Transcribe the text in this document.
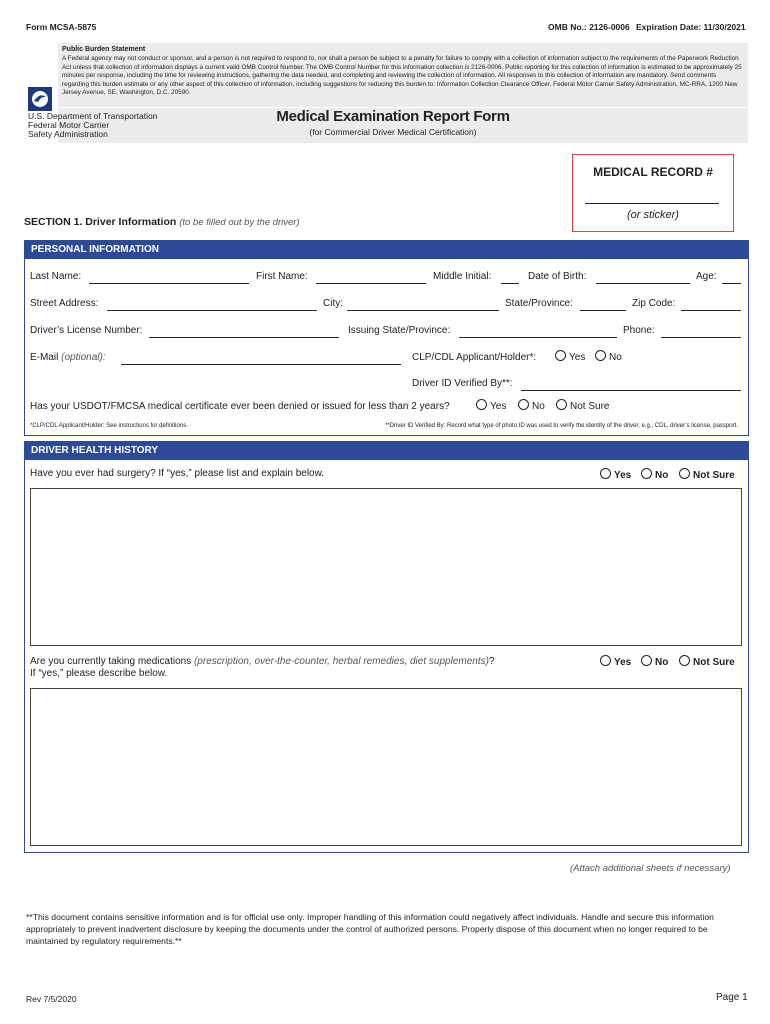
Form MCSA-5875	OMB No.: 2126-0006 Expiration Date: 11/30/2021
Public Burden Statement
A Federal agency may not conduct or sponsor, and a person is not required to respond to, nor shall a person be subject to a penalty for failure to comply with a collection of information subject to the requirements of the Paperwork Reduction Act unless that collection of information displays a current valid OMB Control Number. The OMB Control Number for this information collection is 2126-0006. Public reporting for this collection of information is estimated to be approximately 25 minutes per response, including the time for reviewing instructions, gathering the data needed, and completing and reviewing the collection of information. All responses to this collection of information are mandatory. Send comments regarding this burden estimate or any other aspect of this collection of information, including suggestions for reducing this burden to: Information Collection Clearance Officer, Federal Motor Carrier Safety Administration, MC-RRA, 1200 New Jersey Avenue, SE, Washington, D.C. 20590.
U.S. Department of Transportation
Federal Motor Carrier
Safety Administration
Medical Examination Report Form
(for Commercial Driver Medical Certification)
MEDICAL RECORD #
(or sticker)
SECTION 1. Driver Information (to be filled out by the driver)
PERSONAL INFORMATION
Last Name:	First Name:	Middle Initial:	Date of Birth:	Age:
Street Address:	City:	State/Province:	Zip Code:
Driver’s License Number:	Issuing State/Province:	Phone:
E-Mail (optional):	CLP/CDL Applicant/Holder*:	Yes	No
Driver ID Verified By**:
Has your USDOT/FMCSA medical certificate ever been denied or issued for less than 2 years?	Yes	No	Not Sure
*CLP/CDL Applicant/Holder: See instructions for definitions.	**Driver ID Verified By: Record what type of photo ID was used to verify the identity of the driver, e.g., CDL, driver’s license, passport.
DRIVER HEALTH HISTORY
Have you ever had surgery? If “yes,” please list and explain below.	Yes	No	Not Sure
Are you currently taking medications (prescription, over-the-counter, herbal remedies, diet supplements)?
If “yes,” please describe below.
Yes	No	Not Sure
(Attach additional sheets if necessary)
**This document contains sensitive information and is for official use only. Improper handling of this information could negatively affect individuals. Handle and secure this information appropriately to prevent inadvertent disclosure by keeping the documents under the control of authorized persons. Properly dispose of this document when no longer required to be maintained by regulatory requirements.**
Rev 7/5/2020	Page 1
